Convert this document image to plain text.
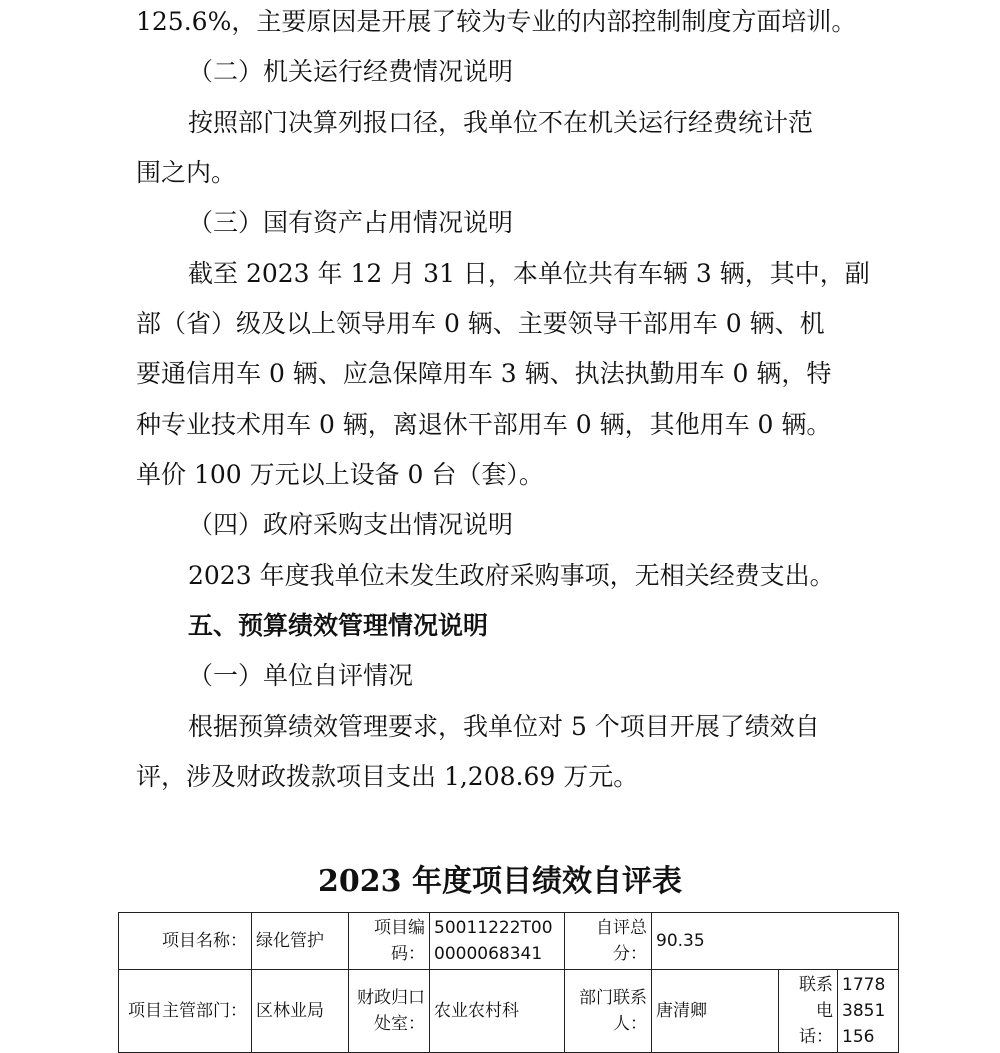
125.6%，主要原因是开展了较为专业的内部控制制度方面培训。
（二）机关运行经费情况说明
按照部门决算列报口径，我单位不在机关运行经费统计范
围之内。
（三）国有资产占用情况说明
截至 2023 年 12 月 31 日，本单位共有车辆 3 辆，其中，副
部（省）级及以上领导用车 0 辆、主要领导干部用车 0 辆、机
要通信用车 0 辆、应急保障用车 3 辆、执法执勤用车 0 辆，特
种专业技术用车 0 辆，离退休干部用车 0 辆，其他用车 0 辆。
单价 100 万元以上设备 0 台（套）。
（四）政府采购支出情况说明
2023 年度我单位未发生政府采购事项，无相关经费支出。
五、预算绩效管理情况说明
（一）单位自评情况
根据预算绩效管理要求，我单位对 5 个项目开展了绩效自
评，涉及财政拨款项目支出 1,208.69 万元。
2023 年度项目绩效自评表
项目名称：	绿化管护	项目编码：	50011222T000000068341	自评总分：	90.35		
项目主管部门：	区林业局	财政归口处室：	农业农村科	部门联系人：	唐清卿	联系电话：	17783851156
